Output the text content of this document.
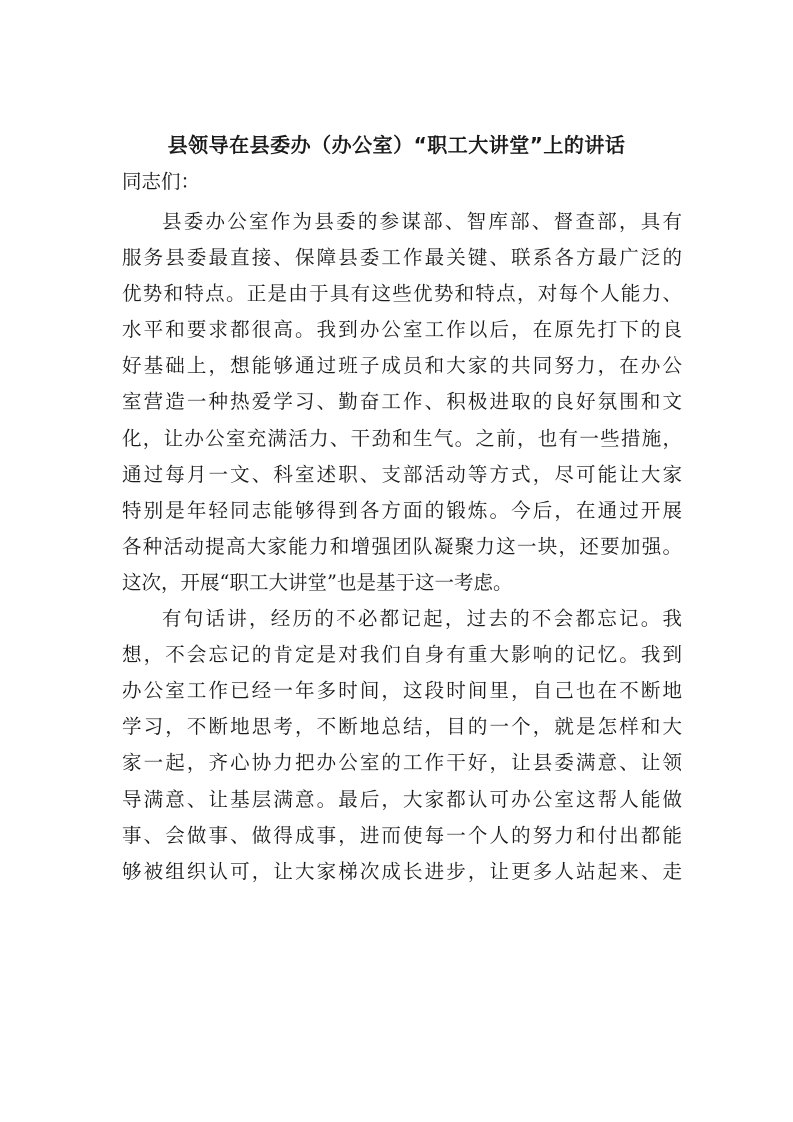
县领导在县委办（办公室）“职工大讲堂”上的讲话
同志们：
县委办公室作为县委的参谋部、智库部、督查部，具有
服务县委最直接、保障县委工作最关键、联系各方最广泛的
优势和特点。正是由于具有这些优势和特点，对每个人能力、
水平和要求都很高。我到办公室工作以后，在原先打下的良
好基础上，想能够通过班子成员和大家的共同努力，在办公
室营造一种热爱学习、勤奋工作、积极进取的良好氛围和文
化，让办公室充满活力、干劲和生气。之前，也有一些措施，
通过每月一文、科室述职、支部活动等方式，尽可能让大家
特别是年轻同志能够得到各方面的锻炼。今后，在通过开展
各种活动提高大家能力和增强团队凝聚力这一块，还要加强。
这次，开展“职工大讲堂”也是基于这一考虑。
有句话讲，经历的不必都记起，过去的不会都忘记。我
想，不会忘记的肯定是对我们自身有重大影响的记忆。我到
办公室工作已经一年多时间，这段时间里，自己也在不断地
学习，不断地思考，不断地总结，目的一个，就是怎样和大
家一起，齐心协力把办公室的工作干好，让县委满意、让领
导满意、让基层满意。最后，大家都认可办公室这帮人能做
事、会做事、做得成事，进而使每一个人的努力和付出都能
够被组织认可，让大家梯次成长进步，让更多人站起来、走
